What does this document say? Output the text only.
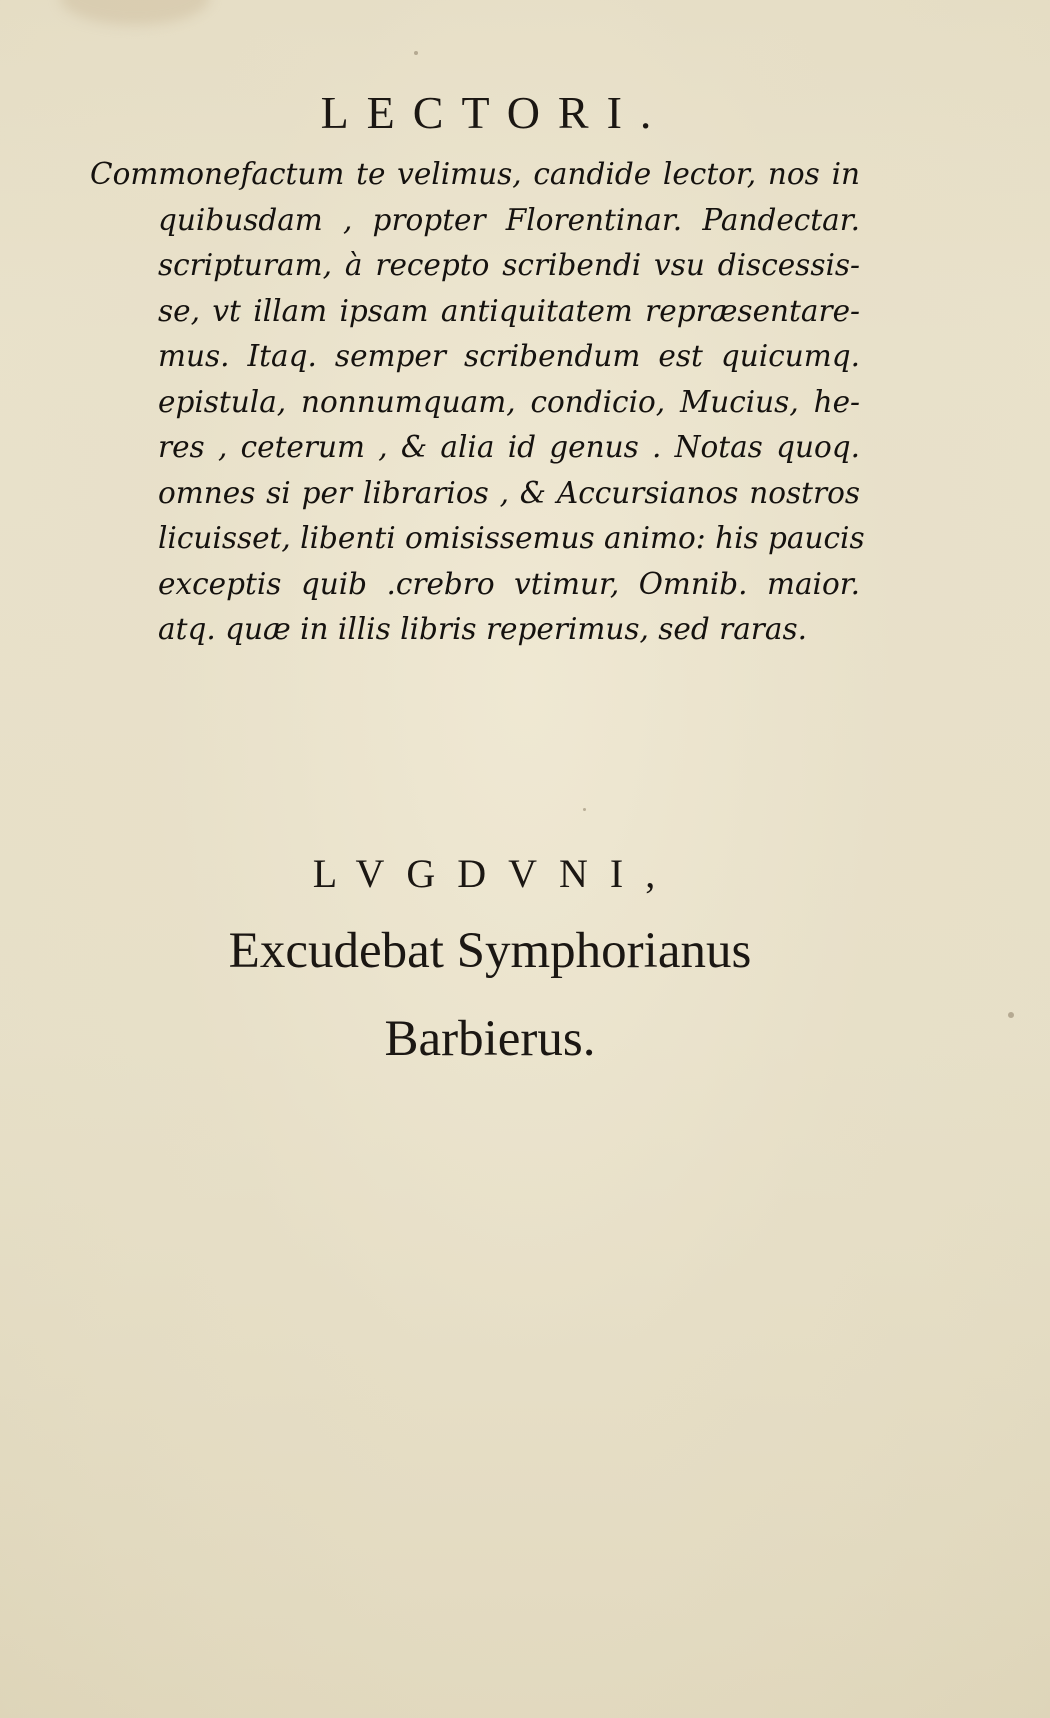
LECTORI.
Commonefactum te velimus, candide lector, nos in
quibusdam , propter Florentinar. Pandectar.
scripturam, à recepto scribendi vsu discessis-
se, vt illam ipsam antiquitatem repræsentare-
mus. Itaq. semper scribendum est quicumq.
epistula, nonnumquam, condicio, Mucius, he-
res , ceterum , & alia id genus . Notas quoq.
omnes si per librarios , & Accursianos nostros
licuisset, libenti omisissemus animo: his paucis
exceptis quib .crebro vtimur, Omnib. maior.
atq. quæ in illis libris reperimus, sed raras.
LVGDVNI,
Excudebat Symphorianus
Barbierus.
